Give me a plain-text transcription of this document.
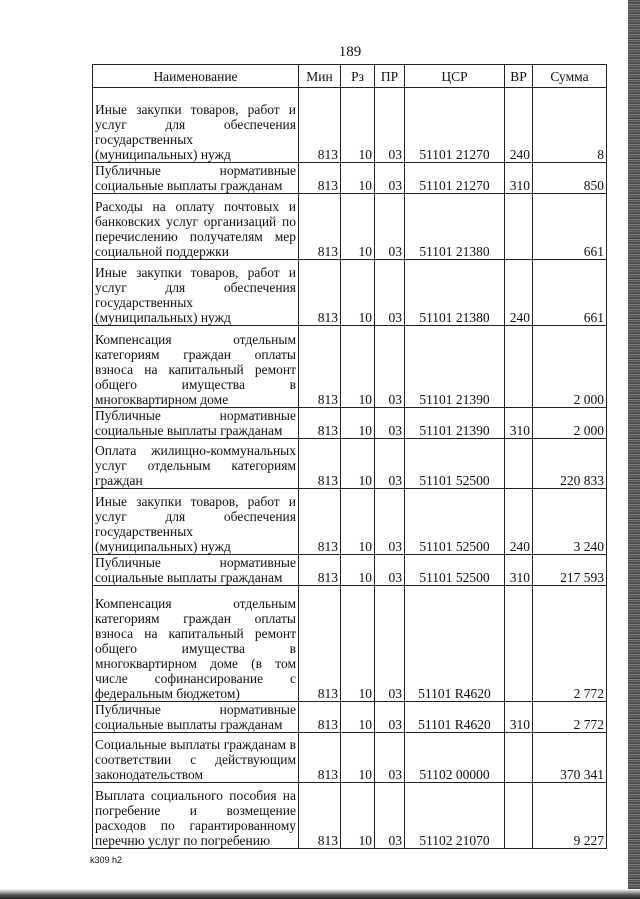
189
Наименование	Мин	Рз	ПР	ЦСР	ВР	Сумма
Иные закупки товаров, работ и услуг для обеспечения государственных (муниципальных) нужд	813	10	03	51101 21270	240	8
Публичные нормативные социальные выплаты гражданам	813	10	03	51101 21270	310	850
Расходы на оплату почтовых и банковских услуг организаций по перечислению получателям мер социальной поддержки	813	10	03	51101 21380		661
Иные закупки товаров, работ и услуг для обеспечения государственных (муниципальных) нужд	813	10	03	51101 21380	240	661
Компенсация отдельным категориям граждан оплаты взноса на капитальный ремонт общего имущества в многоквартирном доме	813	10	03	51101 21390		2 000
Публичные нормативные социальные выплаты гражданам	813	10	03	51101 21390	310	2 000
Оплата жилищно-коммунальных услуг отдельным категориям граждан	813	10	03	51101 52500		220 833
Иные закупки товаров, работ и услуг для обеспечения государственных (муниципальных) нужд	813	10	03	51101 52500	240	3 240
Публичные нормативные социальные выплаты гражданам	813	10	03	51101 52500	310	217 593
Компенсация отдельным категориям граждан оплаты взноса на капитальный ремонт общего имущества в многоквартирном доме (в том числе софинансирование с федеральным бюджетом)	813	10	03	51101 R4620		2 772
Публичные нормативные социальные выплаты гражданам	813	10	03	51101 R4620	310	2 772
Социальные выплаты гражданам в соответствии с действующим законодательством	813	10	03	51102 00000		370 341
Выплата социального пособия на погребение и возмещение расходов по гарантированному перечню услуг по погребению	813	10	03	51102 21070		9 227
k309 h2
